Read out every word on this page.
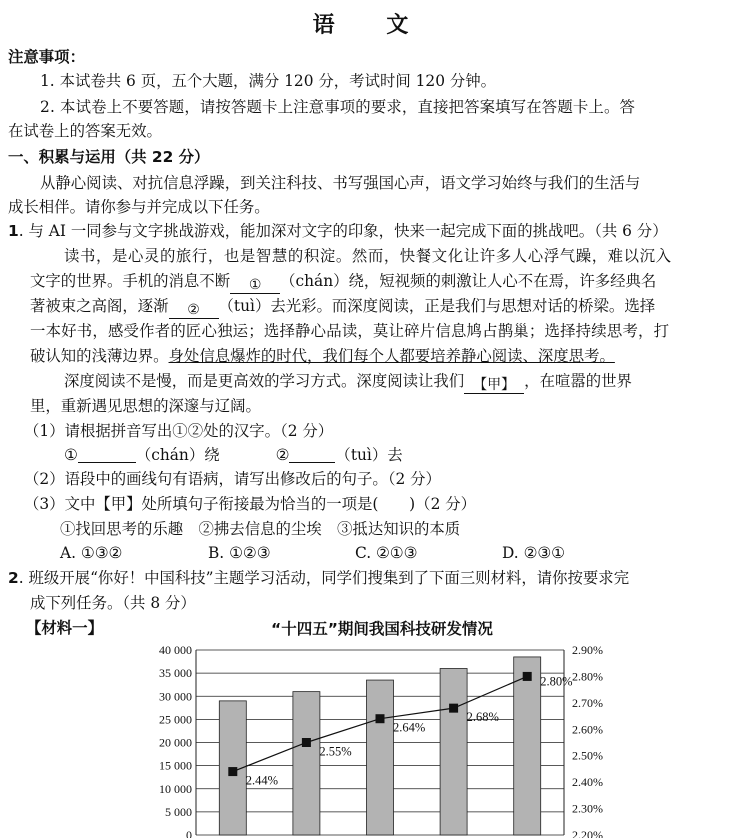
语 文
注意事项：
1. 本试卷共 6 页，五个大题，满分 120 分，考试时间 120 分钟。
2. 本试卷上不要答题，请按答题卡上注意事项的要求，直接把答案填写在答题卡上。答
在试卷上的答案无效。
一、积累与运用（共 22 分）
从静心阅读、对抗信息浮躁，到关注科技、书写强国心声，语文学习始终与我们的生活与
成长相伴。请你参与并完成以下任务。
1. 与 AI 一同参与文字挑战游戏，能加深对文字的印象，快来一起完成下面的挑战吧。（共 6 分）
读书，是心灵的旅行，也是智慧的积淀。然而，快餐文化让许多人心浮气躁，难以沉入
文字的世界。手机的消息不断 ① （chán）绕，短视频的刺激让人心不在焉，许多经典名
著被束之高阁，逐渐 ② （tuì）去光彩。而深度阅读，正是我们与思想对话的桥梁。选择
一本好书，感受作者的匠心独运；选择静心品读，莫让碎片信息鸠占鹊巢；选择持续思考，打
破认知的浅薄边界。身处信息爆炸的时代，我们每个人都要培养静心阅读、深度思考。
深度阅读不是慢，而是更高效的学习方式。深度阅读让我们 【甲】 ，在喧嚣的世界
里，重新遇见思想的深邃与辽阔。
（1）请根据拼音写出①②处的汉字。（2 分）
①	（chán）绕	②	（tuì）去
（2）语段中的画线句有语病，请写出修改后的句子。（2 分）
（3）文中【甲】处所填句子衔接最为恰当的一项是(　　)（2 分）
①找回思考的乐趣　②拂去信息的尘埃　③抵达知识的本质
A. ①③②	B. ①②③	C. ②①③	D. ②③①
2. 班级开展“你好！中国科技”主题学习活动，同学们搜集到了下面三则材料，请你按要求完
成下列任务。（共 8 分）
【材料一】	“十四五”期间我国科技研发情况
0
5 000
10 000
15 000
20 000
25 000
30 000
35 000
40 000
2.20%
2.30%
2.40%
2.50%
2.60%
2.70%
2.80%
2.90%
2.44%
2.55%
2.64%
2.68%
2.80%
